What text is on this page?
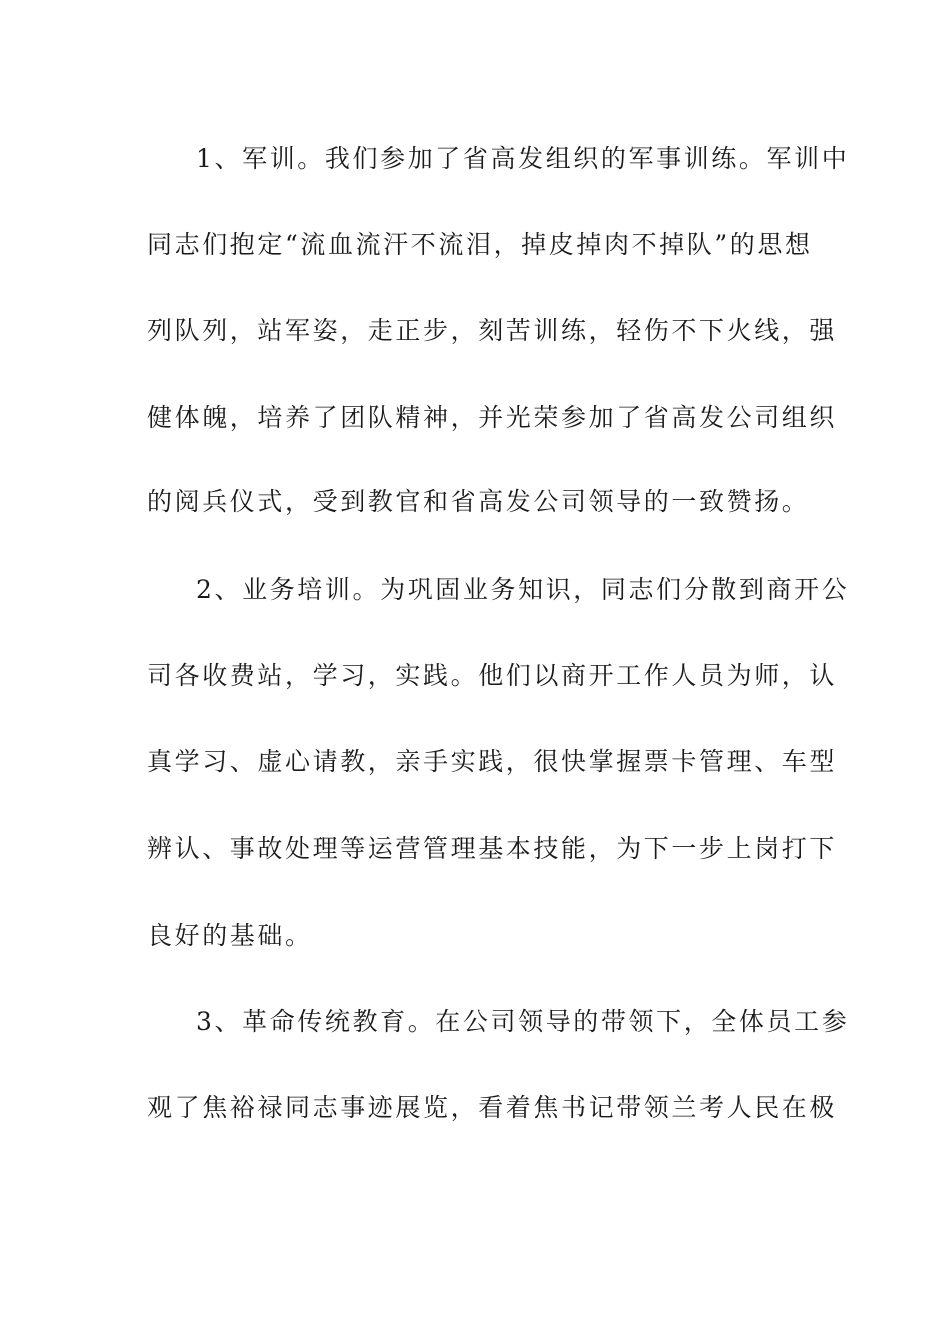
1、军训。我们参加了省高发组织的军事训练。军训中
同志们抱定“流血流汗不流泪，掉皮掉肉不掉队”的思想
列队列，站军姿，走正步，刻苦训练，轻伤不下火线，强
健体魄，培养了团队精神，并光荣参加了省高发公司组织
的阅兵仪式，受到教官和省高发公司领导的一致赞扬。
2、业务培训。为巩固业务知识，同志们分散到商开公
司各收费站，学习，实践。他们以商开工作人员为师，认
真学习、虚心请教，亲手实践，很快掌握票卡管理、车型
辨认、事故处理等运营管理基本技能，为下一步上岗打下
良好的基础。
3、革命传统教育。在公司领导的带领下，全体员工参
观了焦裕禄同志事迹展览，看着焦书记带领兰考人民在极
